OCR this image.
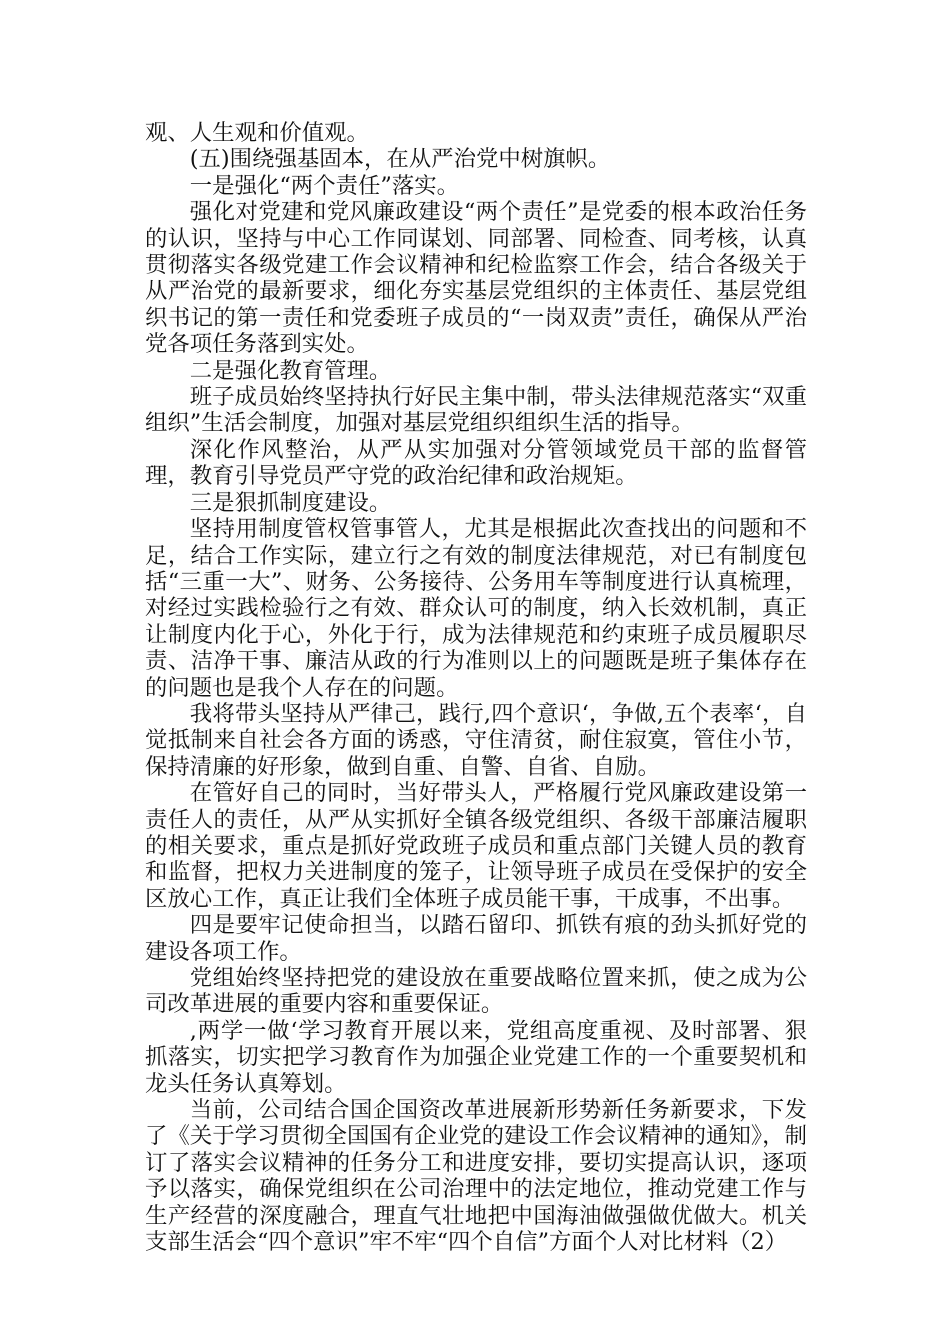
观、人生观和价值观。

(五)围绕强基固本，在从严治党中树旗帜。

一是强化“两个责任”落实。

强化对党建和党风廉政建设“两个责任”是党委的根本政治任务的认识，坚持与中心工作同谋划、同部署、同检查、同考核，认真贯彻落实各级党建工作会议精神和纪检监察工作会，结合各级关于从严治党的最新要求，细化夯实基层党组织的主体责任、基层党组织书记的第一责任和党委班子成员的“一岗双责”责任，确保从严治党各项任务落到实处。

二是强化教育管理。

班子成员始终坚持执行好民主集中制，带头法律规范落实“双重组织”生活会制度，加强对基层党组织组织生活的指导。

深化作风整治，从严从实加强对分管领域党员干部的监督管理，教育引导党员严守党的政治纪律和政治规矩。

三是狠抓制度建设。

坚持用制度管权管事管人，尤其是根据此次查找出的问题和不足，结合工作实际，建立行之有效的制度法律规范，对已有制度包括“三重一大”、财务、公务接待、公务用车等制度进行认真梳理，对经过实践检验行之有效、群众认可的制度，纳入长效机制，真正让制度内化于心，外化于行，成为法律规范和约束班子成员履职尽责、洁净干事、廉洁从政的行为准则以上的问题既是班子集体存在的问题也是我个人存在的问题。

我将带头坚持从严律己，践行,四个意识‘，争做,五个表率‘，自觉抵制来自社会各方面的诱惑，守住清贫，耐住寂寞，管住小节，保持清廉的好形象，做到自重、自警、自省、自励。

在管好自己的同时，当好带头人，严格履行党风廉政建设第一责任人的责任，从严从实抓好全镇各级党组织、各级干部廉洁履职的相关要求，重点是抓好党政班子成员和重点部门关键人员的教育和监督，把权力关进制度的笼子，让领导班子成员在受保护的安全区放心工作，真正让我们全体班子成员能干事，干成事，不出事。

四是要牢记使命担当，以踏石留印、抓铁有痕的劲头抓好党的建设各项工作。

党组始终坚持把党的建设放在重要战略位置来抓，使之成为公司改革进展的重要内容和重要保证。

,两学一做‘学习教育开展以来，党组高度重视、及时部署、狠抓落实，切实把学习教育作为加强企业党建工作的一个重要契机和龙头任务认真筹划。

当前，公司结合国企国资改革进展新形势新任务新要求，下发了《关于学习贯彻全国国有企业党的建设工作会议精神的通知》，制订了落实会议精神的任务分工和进度安排，要切实提高认识，逐项予以落实，确保党组织在公司治理中的法定地位，推动党建工作与生产经营的深度融合，理直气壮地把中国海油做强做优做大。机关支部生活会“四个意识”牢不牢“四个自信”方面个人对比材料（2）
